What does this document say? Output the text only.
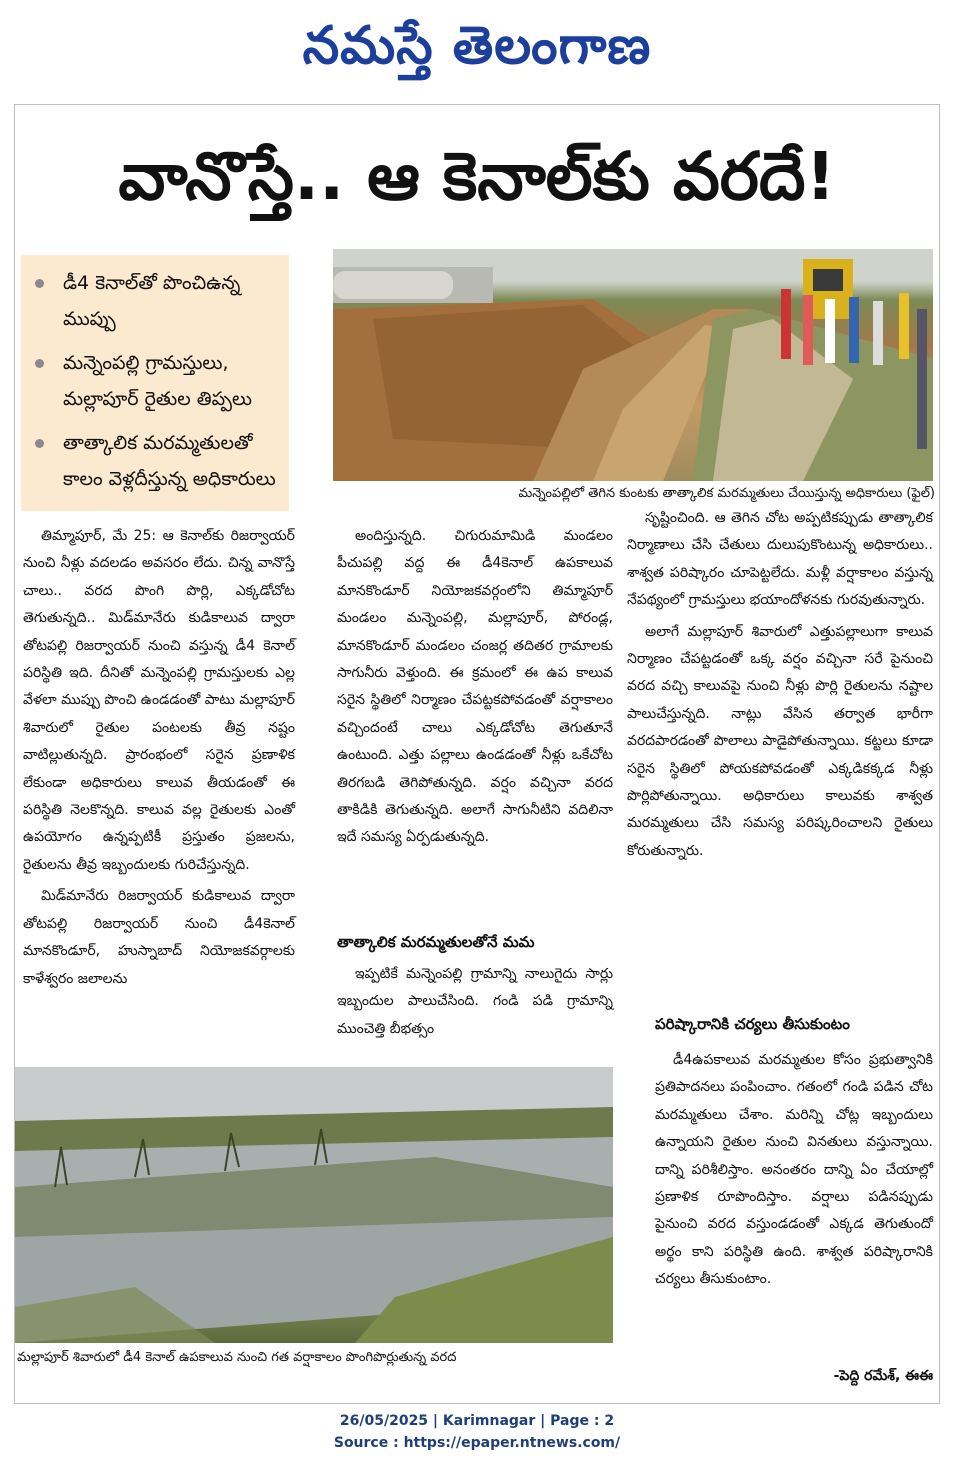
నమస్తే తెలంగాణ
వానొస్తే.. ఆ కెనాల్‌కు వరదే!
డీ4 కెనాల్‌తో పొంచిఉన్న ముప్పు
మన్నెంపల్లి గ్రామస్తులు, మల్లాపూర్ రైతుల తిప్పలు
తాత్కాలిక మరమ్మతులతో కాలం వెళ్లదీస్తున్న అధికారులు
మన్నెంపల్లిలో తెగిన కుంటకు తాత్కాలిక మరమ్మతులు చేయిస్తున్న అధికారులు (ఫైల్)

తిమ్మాపూర్, మే 25: ఆ కెనాల్‌కు రిజర్వాయర్ నుంచి నీళ్లు వదలడం అవసరం లేదు. చిన్న వానొస్తే చాలు.. వరద పొంగి పొర్లి, ఎక్కడోచోట తెగుతున్నది.. మిడ్‌మానేరు కుడికాలువ ద్వారా తోటపల్లి రిజర్వాయర్ నుంచి వస్తున్న డీ4 కెనాల్ పరిస్థితి ఇది. దీనితో మన్నెంపల్లి గ్రామస్తులకు ఎల్ల వేళలా ముప్పు పొంచి ఉండడంతో పాటు మల్లాపూర్ శివారులో రైతుల పంటలకు తీవ్ర నష్టం వాటిల్లుతున్నది. ప్రారంభంలో సరైన ప్రణాళిక లేకుండా అధికారులు కాలువ తీయడంతో ఈ పరిస్థితి నెలకొన్నది. కాలువ వల్ల రైతులకు ఎంతో ఉపయోగం ఉన్నప్పటికీ ప్రస్తుతం ప్రజలను, రైతులను తీవ్ర ఇబ్బందులకు గురిచేస్తున్నది.

మిడ్‌మానేరు రిజర్వాయర్ కుడికాలువ ద్వారా తోటపల్లి రిజర్వాయర్ నుంచి డీ4కెనాల్ మానకొండూర్, హుస్నాబాద్ నియోజకవర్గాలకు కాళేశ్వరం జలాలను

అందిస్తున్నది. చిగురుమామిడి మండలం పీచుపల్లి వద్ద ఈ డీ4కెనాల్ ఉపకాలువ మానకొండూర్ నియోజకవర్గంలోని తిమ్మాపూర్ మండలం మన్నెంపల్లి, మల్లాపూర్, పోరండ్ల, మానకొండూర్ మండలం చంజర్ల తదితర గ్రామాలకు సాగునీరు వెళ్తుంది. ఈ క్రమంలో ఈ ఉప కాలువ సరైన స్థితిలో నిర్మాణం చేపట్టకపోవడంతో వర్షాకాలం వచ్చిందంటే చాలు ఎక్కడోచోట తెగుతూనే ఉంటుంది. ఎత్తు పల్లాలు ఉండడంతో నీళ్లు ఒకేచోట తిరగబడి తెగిపోతున్నది. వర్షం వచ్చినా వరద తాకిడికి తెగుతున్నది. అలాగే సాగునీటిని వదిలినా ఇదే సమస్య ఏర్పడుతున్నది.

తాత్కాలిక మరమ్మతులతోనే మమ

ఇప్పటికే మన్నెంపల్లి గ్రామాన్ని నాలుగైదు సార్లు ఇబ్బందుల పాలుచేసింది. గండి పడి గ్రామాన్ని ముంచెత్తి బీభత్సం

సృష్టించింది. ఆ తెగిన చోట అప్పటికప్పుడు తాత్కాలిక నిర్మాణాలు చేసి చేతులు దులుపుకొంటున్న అధికారులు.. శాశ్వత పరిష్కారం చూపెట్టలేదు. మళ్లీ వర్షాకాలం వస్తున్న నేపథ్యంలో గ్రామస్తులు భయాందోళనకు గురవుతున్నారు.

అలాగే మల్లాపూర్ శివారులో ఎత్తుపల్లాలుగా కాలువ నిర్మాణం చేపట్టడంతో ఒక్క వర్షం వచ్చినా సరే పైనుంచి వరద వచ్చి కాలువపై నుంచి నీళ్లు పొర్లి రైతులను నష్టాల పాలుచేస్తున్నది. నాట్లు వేసిన తర్వాత భారీగా వరదపారడంతో పొలాలు పాడైపోతున్నాయి. కట్టలు కూడా సరైన స్థితిలో పోయకపోవడంతో ఎక్కడికక్కడ నీళ్లు పొర్లిపోతున్నాయి. అధికారులు కాలువకు శాశ్వత మరమ్మతులు చేసి సమస్య పరిష్కరించాలని రైతులు కోరుతున్నారు.

పరిష్కారానికి చర్యలు తీసుకుంటం

డీ4ఉపకాలువ మరమ్మతుల కోసం ప్రభుత్వానికి ప్రతిపాదనలు పంపించాం. గతంలో గండి పడిన చోట మరమ్మతులు చేశాం. మరిన్ని చోట్ల ఇబ్బందులు ఉన్నాయని రైతుల నుంచి వినతులు వస్తున్నాయి. దాన్ని పరిశీలిస్తాం. అనంతరం దాన్ని ఏం చేయాల్లో ప్రణాళిక రూపొందిస్తాం. వర్షాలు పడినప్పుడు పైనుంచి వరద వస్తుండడంతో ఎక్కడ తెగుతుందో అర్థం కాని పరిస్థితి ఉంది. శాశ్వత పరిష్కారానికి చర్యలు తీసుకుంటాం.

-పెద్ది రమేశ్, ఈఈ
మల్లాపూర్ శివారులో డీ4 కెనాల్ ఉపకాలువ నుంచి గత వర్షాకాలం పొంగిపొర్లుతున్న వరద
26/05/2025 | Karimnagar | Page : 2
Source : https://epaper.ntnews.com/
